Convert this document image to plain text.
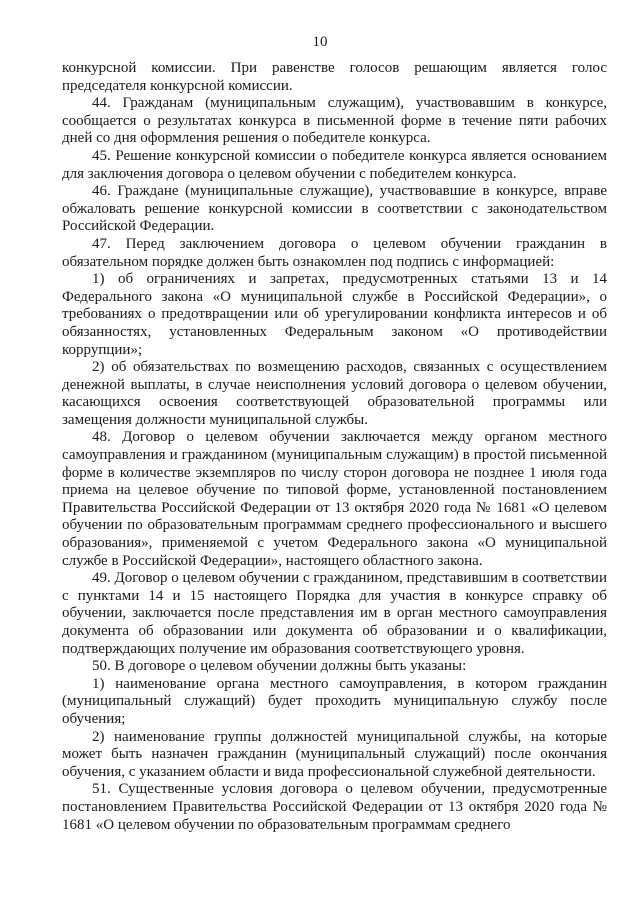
10

конкурсной комиссии. При равенстве голосов решающим является голос председателя конкурсной комиссии.

44. Гражданам (муниципальным служащим), участвовавшим в конкурсе, сообщается о результатах конкурса в письменной форме в течение пяти рабочих дней со дня оформления решения о победителе конкурса.

45. Решение конкурсной комиссии о победителе конкурса является основанием для заключения договора о целевом обучении с победителем конкурса.

46. Граждане (муниципальные служащие), участвовавшие в конкурсе, вправе обжаловать решение конкурсной комиссии в соответствии с законодательством Российской Федерации.

47. Перед заключением договора о целевом обучении гражданин в обязательном порядке должен быть ознакомлен под подпись с информацией:

1) об ограничениях и запретах, предусмотренных статьями 13 и 14 Федерального закона «О муниципальной службе в Российской Федерации», о требованиях о предотвращении или об урегулировании конфликта интересов и об обязанностях, установленных Федеральным законом «О противодействии коррупции»;

2) об обязательствах по возмещению расходов, связанных с осуществлением денежной выплаты, в случае неисполнения условий договора о целевом обучении, касающихся освоения соответствующей образовательной программы или замещения должности муниципальной службы.

48. Договор о целевом обучении заключается между органом местного самоуправления и гражданином (муниципальным служащим) в простой письменной форме в количестве экземпляров по числу сторон договора не позднее 1 июля года приема на целевое обучение по типовой форме, установленной постановлением Правительства Российской Федерации от 13 октября 2020 года № 1681 «О целевом обучении по образовательным программам среднего профессионального и высшего образования», применяемой с учетом Федерального закона «О муниципальной службе в Российской Федерации», настоящего областного закона.

49. Договор о целевом обучении с гражданином, представившим в соответствии с пунктами 14 и 15 настоящего Порядка для участия в конкурсе справку об обучении, заключается после представления им в орган местного самоуправления документа об образовании или документа об образовании и о квалификации, подтверждающих получение им образования соответствующего уровня.

50. В договоре о целевом обучении должны быть указаны:

1) наименование органа местного самоуправления, в котором гражданин (муниципальный служащий) будет проходить муниципальную службу после обучения;

2) наименование группы должностей муниципальной службы, на которые может быть назначен гражданин (муниципальный служащий) после окончания обучения, с указанием области и вида профессиональной служебной деятельности.

51. Существенные условия договора о целевом обучении, предусмотренные постановлением Правительства Российской Федерации от 13 октября 2020 года № 1681 «О целевом обучении по образовательным программам среднего
